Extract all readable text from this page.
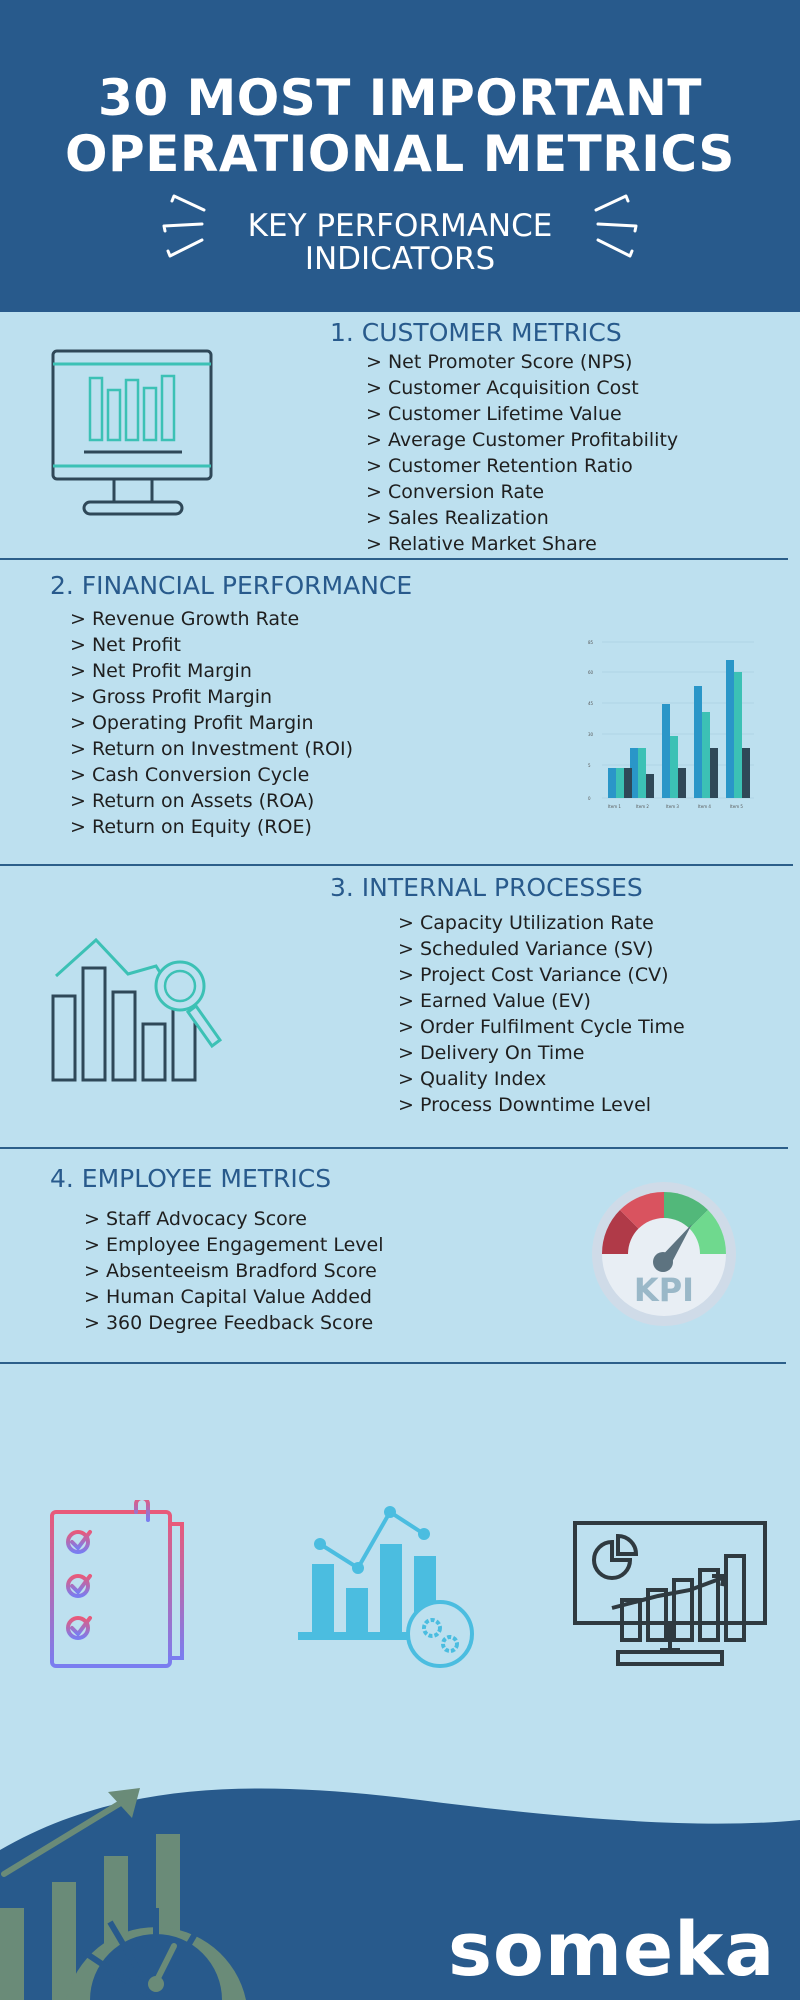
30 MOST IMPORTANT
OPERATIONAL METRICS
KEY PERFORMANCE INDICATORS
1. CUSTOMER METRICS
> Net Promoter Score (NPS)
> Customer Acquisition Cost
> Customer Lifetime Value
> Average Customer Profitability
> Customer Retention Ratio
> Conversion Rate
> Sales Realization
> Relative Market Share
2. FINANCIAL PERFORMANCE
> Revenue Growth Rate
> Net Profit
> Net Profit Margin
> Gross Profit Margin
> Operating Profit Margin
> Return on Investment (ROI)
> Cash Conversion Cycle
> Return on Assets (ROA)
> Return on Equity (ROE)
85
60
45
30
5
0
Item 1	Item 2	Item 3	Item 4	Item 5
3. INTERNAL PROCESSES
> Capacity Utilization Rate
> Scheduled Variance (SV)
> Project Cost Variance (CV)
> Earned Value (EV)
> Order Fulfilment Cycle Time
> Delivery On Time
> Quality Index
> Process Downtime Level
4. EMPLOYEE METRICS
> Staff Advocacy Score
> Employee Engagement Level
> Absenteeism Bradford Score
> Human Capital Value Added
> 360 Degree Feedback Score
KPI
someka
